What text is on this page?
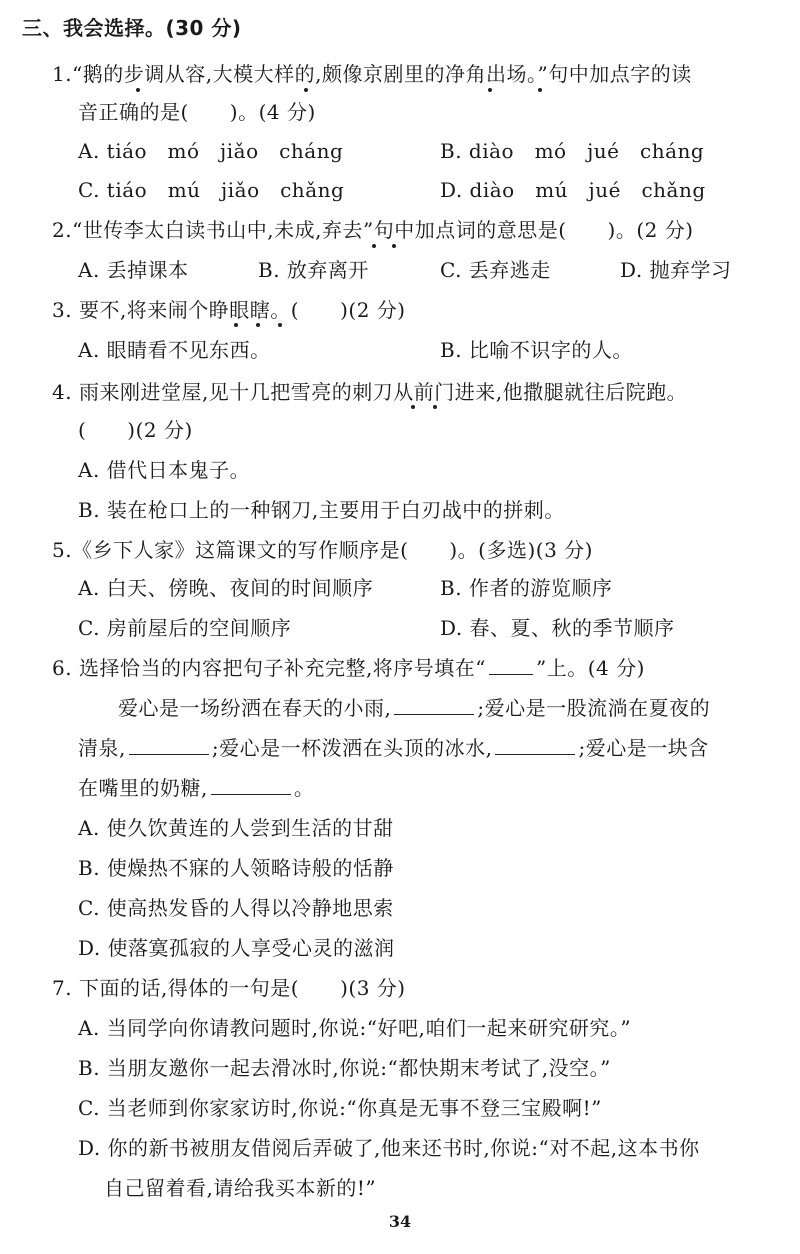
三、我会选择。(30 分)
1.“鹅的步调从容,大模大样的,颇像京剧里的净角出场。”句中加点字的读
音正确的是(　　)。(4 分)
A. tiáo　mó　jiǎo　cháng	B. diào　mó　jué　cháng
C. tiáo　mú　jiǎo　chǎng	D. diào　mú　jué　chǎng
2.“世传李太白读书山中,未成,弃去”句中加点词的意思是(　　)。(2 分)
A. 丢掉课本	B. 放弃离开	C. 丢弃逃走	D. 抛弃学习
3. 要不,将来闹个睁眼瞎。(　　)(2 分)
A. 眼睛看不见东西。	B. 比喻不识字的人。
4. 雨来刚进堂屋,见十几把雪亮的刺刀从前门进来,他撒腿就往后院跑。
(　　)(2 分)
A. 借代日本鬼子。
B. 装在枪口上的一种钢刀,主要用于白刃战中的拼刺。
5.《乡下人家》这篇课文的写作顺序是(　　)。(多选)(3 分)
A. 白天、傍晚、夜间的时间顺序	B. 作者的游览顺序
C. 房前屋后的空间顺序	D. 春、夏、秋的季节顺序
6. 选择恰当的内容把句子补充完整,将序号填在“	”上。(4 分)
爱心是一场纷洒在春天的小雨,	;爱心是一股流淌在夏夜的
清泉,	;爱心是一杯泼洒在头顶的冰水,	;爱心是一块含
在嘴里的奶糖,	。
A. 使久饮黄连的人尝到生活的甘甜
B. 使燥热不寐的人领略诗般的恬静
C. 使高热发昏的人得以冷静地思索
D. 使落寞孤寂的人享受心灵的滋润
7. 下面的话,得体的一句是(　　)(3 分)
A. 当同学向你请教问题时,你说:“好吧,咱们一起来研究研究。”
B. 当朋友邀你一起去滑冰时,你说:“都快期末考试了,没空。”
C. 当老师到你家家访时,你说:“你真是无事不登三宝殿啊!”
D. 你的新书被朋友借阅后弄破了,他来还书时,你说:“对不起,这本书你
自己留着看,请给我买本新的!”
34
